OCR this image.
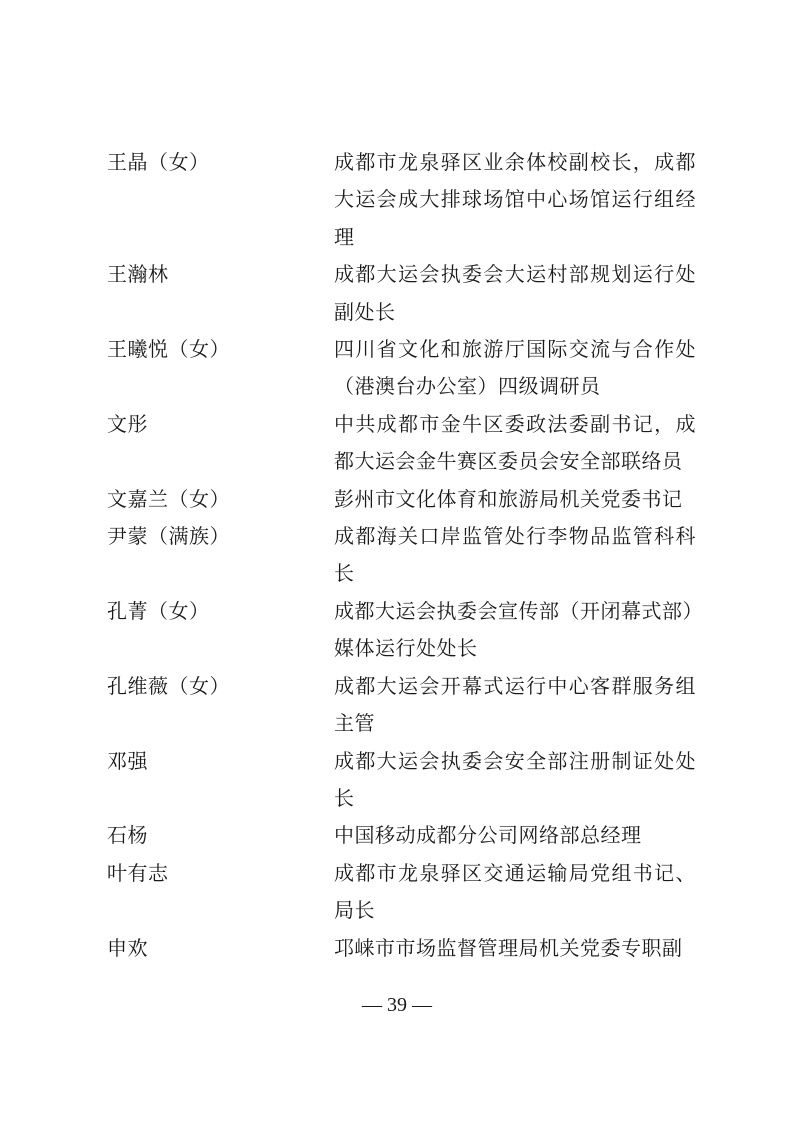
王晶（女）	成都市龙泉驿区业余体校副校长，成都
大运会成大排球场馆中心场馆运行组经
理
王瀚林	成都大运会执委会大运村部规划运行处
副处长
王曦悦（女）	四川省文化和旅游厅国际交流与合作处
（港澳台办公室）四级调研员
文彤	中共成都市金牛区委政法委副书记，成
都大运会金牛赛区委员会安全部联络员
文嘉兰（女）	彭州市文化体育和旅游局机关党委书记
尹蒙（满族）	成都海关口岸监管处行李物品监管科科
长
孔菁（女）	成都大运会执委会宣传部（开闭幕式部）
媒体运行处处长
孔维薇（女）	成都大运会开幕式运行中心客群服务组
主管
邓强	成都大运会执委会安全部注册制证处处
长
石杨	中国移动成都分公司网络部总经理
叶有志	成都市龙泉驿区交通运输局党组书记、
局长
申欢	邛崃市市场监督管理局机关党委专职副
— 39 —
